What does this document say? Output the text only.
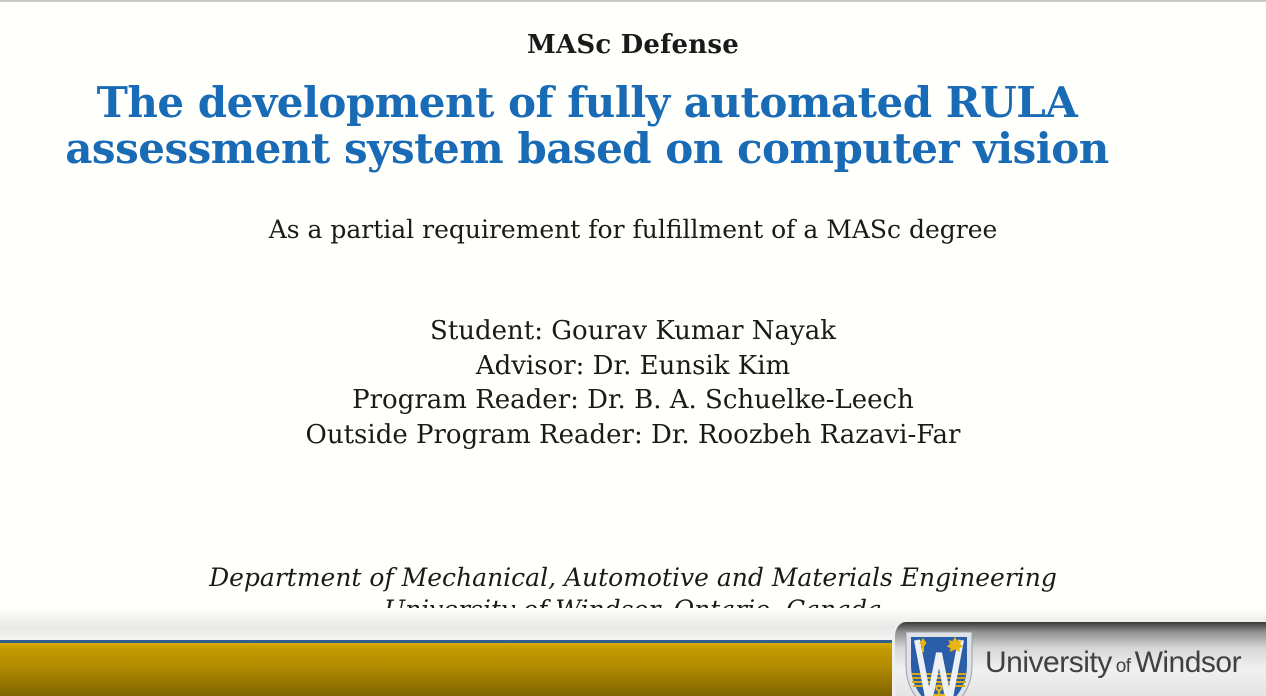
MASc Defense
The development of fully automated RULA
assessment system based on computer vision
As a partial requirement for fulfillment of a MASc degree
Student: Gourav Kumar Nayak
Advisor: Dr. Eunsik Kim
Program Reader: Dr. B. A. Schuelke-Leech
Outside Program Reader: Dr. Roozbeh Razavi-Far
Department of Mechanical, Automotive and Materials Engineering
University of Windsor
